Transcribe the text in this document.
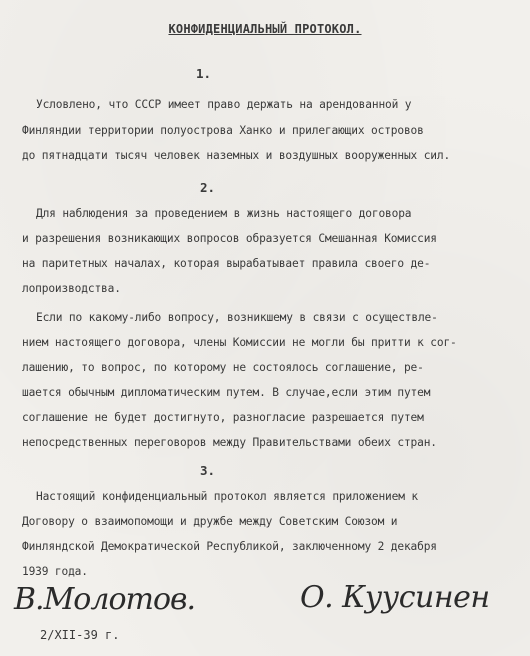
КОНФИДЕНЦИАЛЬНЫЙ ПРОТОКОЛ.
1.
Условлено, что СССР имеет право держать на арендованной у
Финляндии территории полуострова Ханко и прилегающих островов
до пятнадцати тысяч человек наземных и воздушных вооруженных сил.
2.
Для наблюдения за проведением в жизнь настоящего договора
и разрешения возникающих вопросов образуется Смешанная Комиссия
на паритетных началах, которая вырабатывает правила своего де-
лопроизводства.
Если по какому-либо вопросу, возникшему в связи с осуществле-
нием настоящего договора, члены Комиссии не могли бы притти к сог-
лашению, то вопрос, по которому не состоялось соглашение, ре-
шается обычным дипломатическим путем. В случае,если этим путем
соглашение не будет достигнуто, разногласие разрешается путем
непосредственных переговоров между Правительствами обеих стран.
3.
Настоящий конфиденциальный протокол является приложением к
Договору о взаимопомощи и дружбе между Советским Союзом и
Финляндской Демократической Республикой, заключенному 2 декабря
1939 года.
В.Молотов.	О. Куусинен
2/XII-39 г.
